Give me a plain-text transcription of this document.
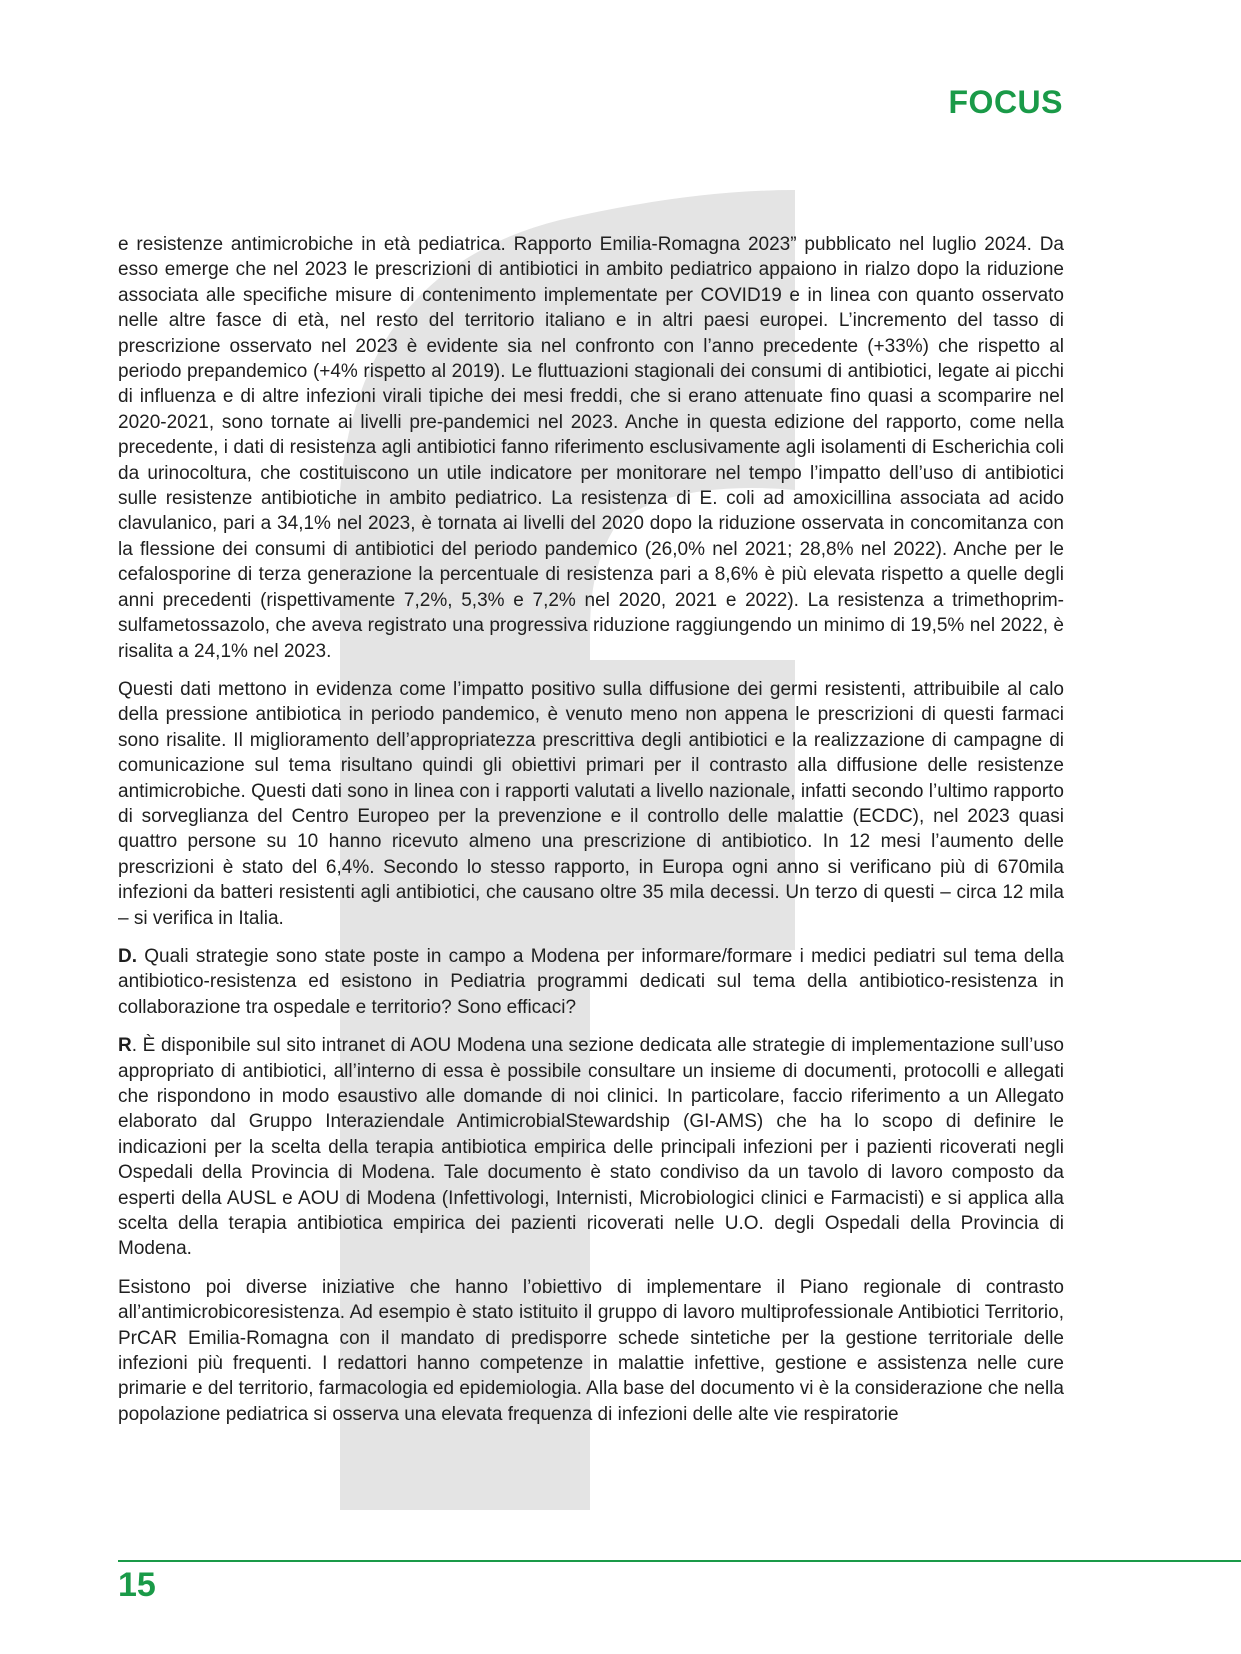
FOCUS

e resistenze antimicrobiche in età pediatrica. Rapporto Emilia-Romagna 2023” pubblicato nel luglio 2024. Da esso emerge che nel 2023 le prescrizioni di antibiotici in ambito pediatrico appaiono in rialzo dopo la riduzione associata alle specifiche misure di contenimento implementate per COVID19 e in linea con quanto osservato nelle altre fasce di età, nel resto del territorio italiano e in altri paesi europei. L’incremento del tasso di prescrizione osservato nel 2023 è evidente sia nel confronto con l’anno precedente (+33%) che rispetto al periodo prepandemico (+4% rispetto al 2019). Le fluttuazioni stagionali dei consumi di antibiotici, legate ai picchi di influenza e di altre infezioni virali tipiche dei mesi freddi, che si erano attenuate fino quasi a scomparire nel 2020-2021, sono tornate ai livelli pre-pandemici nel 2023. Anche in questa edizione del rapporto, come nella precedente, i dati di resistenza agli antibiotici fanno riferimento esclusivamente agli isolamenti di Escherichia coli da urinocoltura, che costituiscono un utile indicatore per monitorare nel tempo l’impatto dell’uso di antibiotici sulle resistenze antibiotiche in ambito pediatrico. La resistenza di E. coli ad amoxicillina associata ad acido clavulanico, pari a 34,1% nel 2023, è tornata ai livelli del 2020 dopo la riduzione osservata in concomitanza con la flessione dei consumi di antibiotici del periodo pandemico (26,0% nel 2021; 28,8% nel 2022). Anche per le cefalosporine di terza generazione la percentuale di resistenza pari a 8,6% è più elevata rispetto a quelle degli anni precedenti (rispettivamente 7,2%, 5,3% e 7,2% nel 2020, 2021 e 2022). La resistenza a trimethoprim-sulfametossazolo, che aveva registrato una progressiva riduzione raggiungendo un minimo di 19,5% nel 2022, è risalita a 24,1% nel 2023.

Questi dati mettono in evidenza come l’impatto positivo sulla diffusione dei germi resistenti, attribuibile al calo della pressione antibiotica in periodo pandemico, è venuto meno non appena le prescrizioni di questi farmaci sono risalite. Il miglioramento dell’appropriatezza prescrittiva degli antibiotici e la realizzazione di campagne di comunicazione sul tema risultano quindi gli obiettivi primari per il contrasto alla diffusione delle resistenze antimicrobiche. Questi dati sono in linea con i rapporti valutati a livello nazionale, infatti secondo l’ultimo rapporto di sorveglianza del Centro Europeo per la prevenzione e il controllo delle malattie (ECDC), nel 2023 quasi quattro persone su 10 hanno ricevuto almeno una prescrizione di antibiotico. In 12 mesi l’aumento delle prescrizioni è stato del 6,4%. Secondo lo stesso rapporto, in Europa ogni anno si verificano più di 670mila infezioni da batteri resistenti agli antibiotici, che causano oltre 35 mila decessi. Un terzo di questi – circa 12 mila – si verifica in Italia.

D. Quali strategie sono state poste in campo a Modena per informare/formare i medici pediatri sul tema della antibiotico-resistenza ed esistono in Pediatria programmi dedicati sul tema della antibiotico-resistenza in collaborazione tra ospedale e territorio? Sono efficaci?

R. È disponibile sul sito intranet di AOU Modena una sezione dedicata alle strategie di implementazione sull’uso appropriato di antibiotici, all’interno di essa è possibile consultare un insieme di documenti, protocolli e allegati che rispondono in modo esaustivo alle domande di noi clinici. In particolare, faccio riferimento a un Allegato elaborato dal Gruppo Interaziendale AntimicrobialStewardship (GI-AMS) che ha lo scopo di definire le indicazioni per la scelta della terapia antibiotica empirica delle principali infezioni per i pazienti ricoverati negli Ospedali della Provincia di Modena. Tale documento è stato condiviso da un tavolo di lavoro composto da esperti della AUSL e AOU di Modena (Infettivologi, Internisti, Microbiologici clinici e Farmacisti) e si applica alla scelta della terapia antibiotica empirica dei pazienti ricoverati nelle U.O. degli Ospedali della Provincia di Modena.

Esistono poi diverse iniziative che hanno l’obiettivo di implementare il Piano regionale di contrasto all’antimicrobicoresistenza. Ad esempio è stato istituito il gruppo di lavoro multiprofessionale Antibiotici Territorio, PrCAR Emilia-Romagna con il mandato di predisporre schede sintetiche per la gestione territoriale delle infezioni più frequenti. I redattori hanno competenze in malattie infettive, gestione e assistenza nelle cure primarie e del territorio, farmacologia ed epidemiologia. Alla base del documento vi è la considerazione che nella popolazione pediatrica si osserva una elevata frequenza di infezioni delle alte vie respiratorie

15
